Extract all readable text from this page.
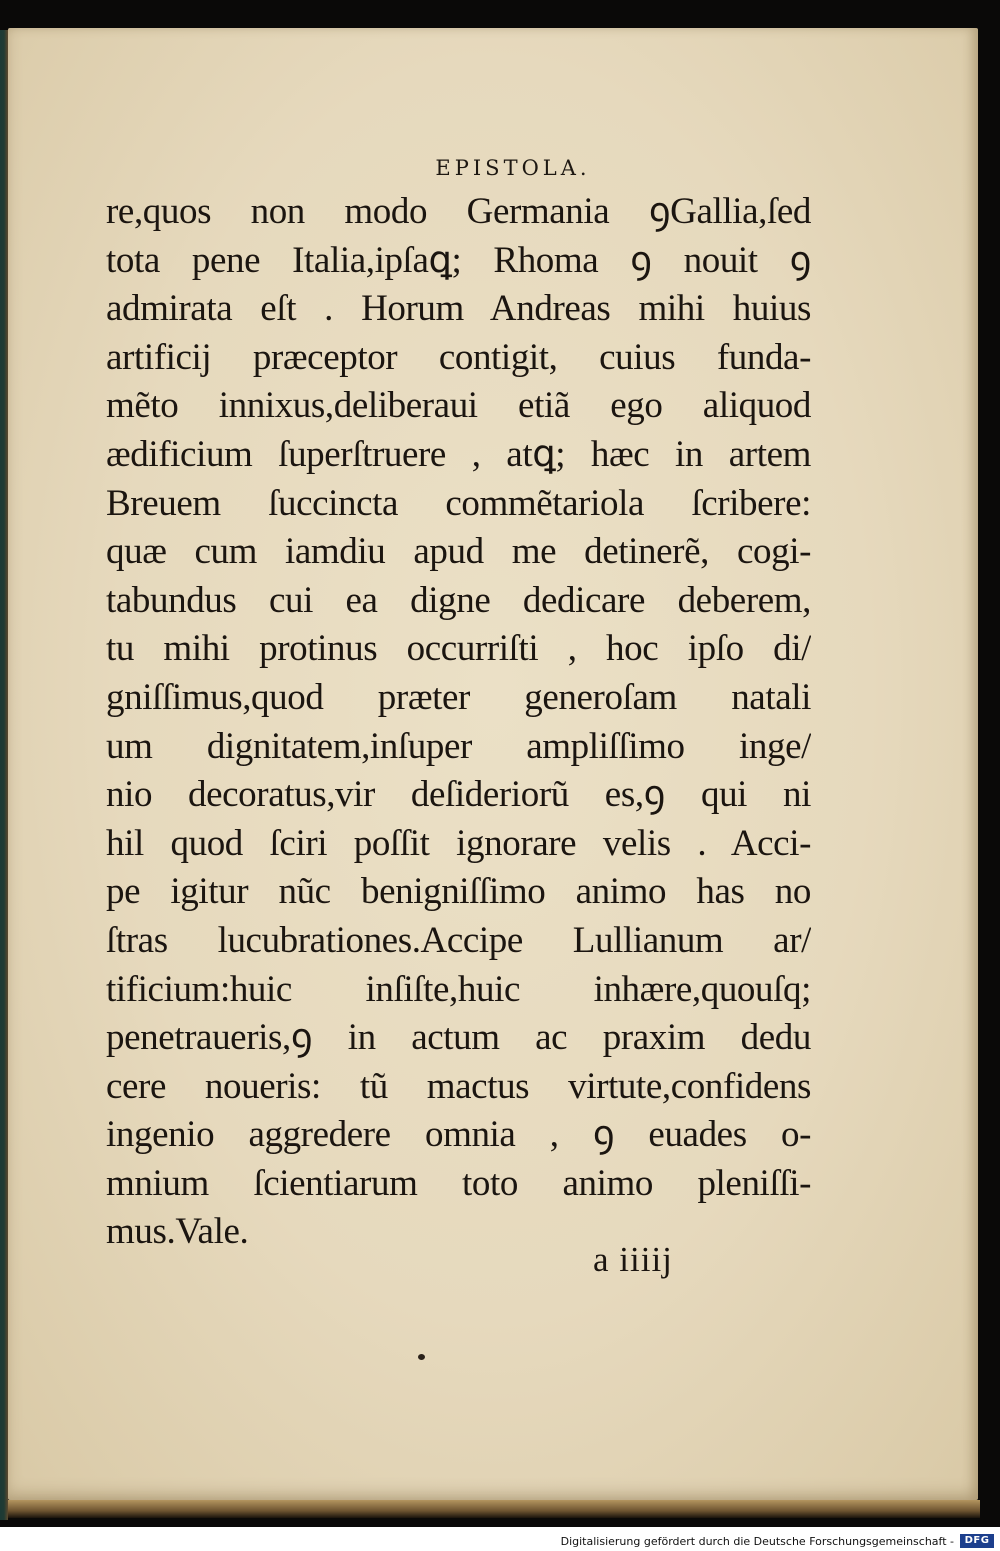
EPISTOLA.
re,quos non modo Germania ꝯGallia,ſed
tota pene Italia,ipſaꝗ; Rhoma ꝯ nouit ꝯ
admirata eſt . Horum Andreas mihi huius
artificij præceptor contigit, cuius funda-
mẽto innixus,deliberaui etiã ego aliquod
ædificium ſuperſtruere , atꝗ; hæc in artem
Breuem ſuccincta commẽtariola ſcribere:
quæ cum iamdiu apud me detinerẽ, cogi-
tabundus cui ea digne dedicare deberem,
tu mihi protinus occurriſti , hoc ipſo di/
gniſſimus,quod præter generoſam natali
um dignitatem,inſuper ampliſſimo inge/
nio decoratus,vir deſideriorũ es,ꝯ qui ni
hil quod ſciri poſſit ignorare velis . Acci-
pe igitur nũc benigniſſimo animo has no
ſtras lucubrationes.Accipe Lullianum ar/
tificium:huic inſiſte,huic inhære,quouſq;
penetraueris,ꝯ in actum ac praxim dedu
cere noueris: tũ mactus virtute,confidens
ingenio aggredere omnia , ꝯ euades o-
mnium ſcientiarum toto animo pleniſſi-
mus.Vale.
a iiiij
Digitalisierung gefördert durch die Deutsche Forschungsgemeinschaft -	DFG
